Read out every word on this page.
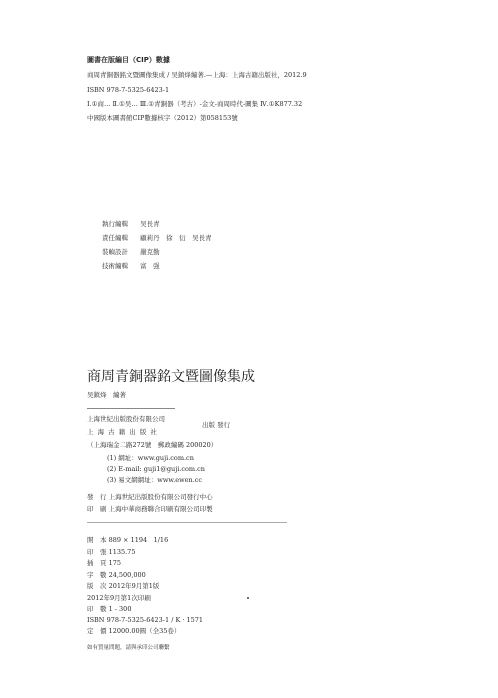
圖書在版編目（CIP）數據
商周青銅器銘文暨圖像集成 / 吴鎮烽編著.—上海：上海古籍出版社，2012.9
ISBN 978-7-5325-6423-1
Ⅰ.①商… Ⅱ.①吴… Ⅲ.①青銅器（考古）-金文-商周時代-圖集 Ⅳ.①K877.32
中國版本圖書館CIP數據核字（2012）第058153號
執行編輯 吴長青
責任編輯 顧莉丹　徐　衍　吴長青
裝幀設計 嚴克勤
技術編輯 富　强
商周青銅器銘文暨圖像集成
吴鎮烽　編著
上海世紀出版股份有限公司
上 海 古 籍 出 版 社
出版 發行
（上海瑞金二路272號　郵政編碼 200020）
(1) 網址：www.guji.com.cn
(2) E-mail: guji1@guji.com.cn
(3) 易文網網址：www.ewen.cc
發　行 上海世紀出版股份有限公司發行中心
印　刷 上海中華商務聯合印刷有限公司印製
開　本 889 × 1194　1/16
印　張 1135.75
插　頁 175
字　數 24,500,000
版　次 2012年9月第1版
2012年9月第1次印刷
印　數 1 - 300
ISBN 978-7-5325-6423-1 / K · 1571
定　價 12000.00圓（全35卷）
如有質量問題，請與承印公司聯繫
